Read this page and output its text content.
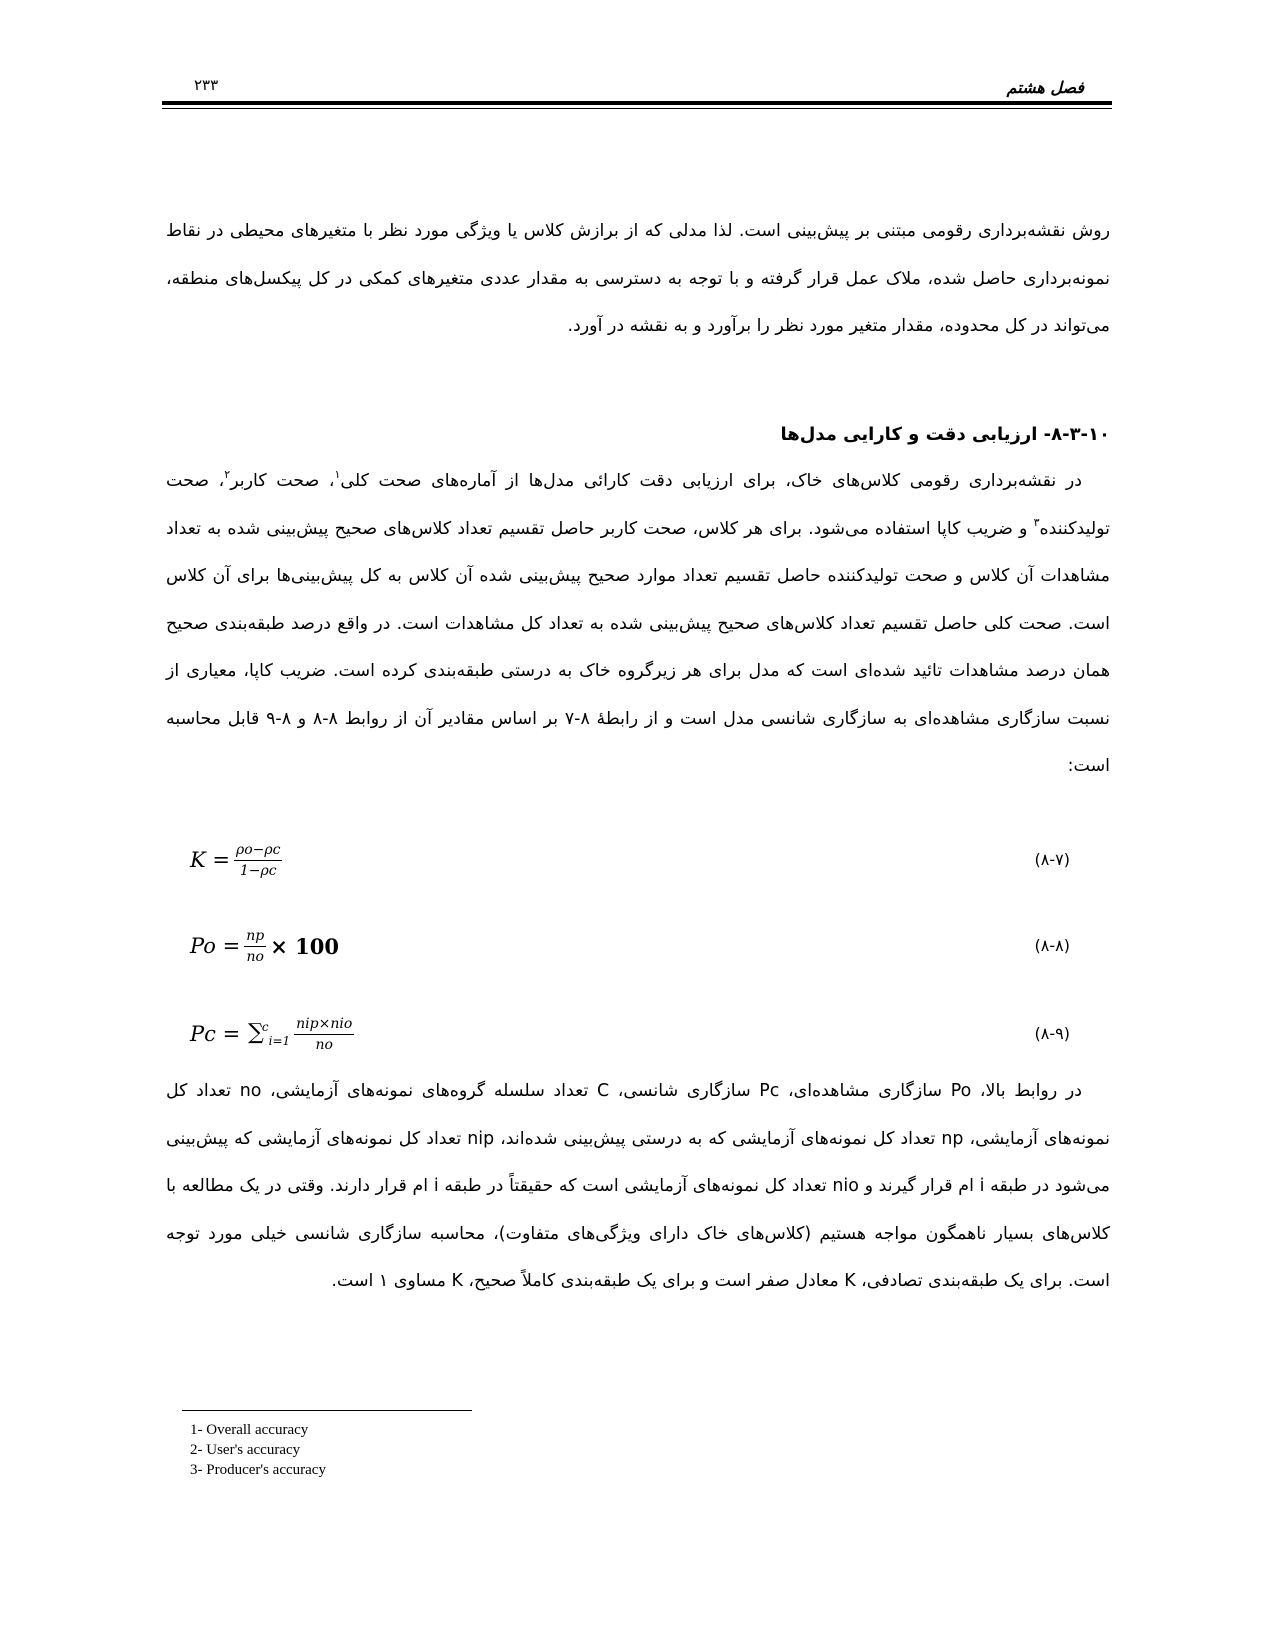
۲۳۳	فصل هشتم
روش نقشه‌برداری رقومی مبتنی بر پیش‌بینی است. لذا مدلی که از برازش کلاس یا ویژگی مورد نظر با متغیرهای محیطی در نقاط نمونه‌برداری حاصل شده، ملاک عمل قرار گرفته و با توجه به دسترسی به مقدار عددی متغیرهای کمکی در کل پیکسل‌های منطقه، می‌تواند در کل محدوده، مقدار متغیر مورد نظر را برآورد و به نقشه در آورد.
۸-۳-۱۰- ارزیابی دقت و کارایی مدل‌ها
در نقشه‌برداری رقومی کلاس‌های خاک، برای ارزیابی دقت کارائی مدل‌ها از آماره‌های صحت کلی$^۱$، صحت کاربر$^۲$، صحت تولیدکننده$^۳$ و ضریب کاپا استفاده می‌شود. برای هر کلاس، صحت کاربر حاصل تقسیم تعداد کلاس‌های صحیح پیش‌بینی شده به تعداد مشاهدات آن کلاس و صحت تولیدکننده حاصل تقسیم تعداد موارد صحیح پیش‌بینی شده آن کلاس به کل پیش‌بینی‌ها برای آن کلاس است. صحت کلی حاصل تقسیم تعداد کلاس‌های صحیح پیش‌بینی شده به تعداد کل مشاهدات است. در واقع درصد طبقه‌بندی صحیح همان درصد مشاهدات تائید شده‌ای است که مدل برای هر زیرگروه خاک به درستی طبقه‌بندی کرده است. ضریب کاپا، معیاری از نسبت سازگاری مشاهده‌ای به سازگاری شانسی مدل است و از رابطهٔ ۸-۷ بر اساس مقادیر آن از روابط ۸-۸ و ۸-۹ قابل محاسبه است:
$K = \frac{\rho o-\rho c}{1-\rho c}$	(۸-۷)
$Po = \frac{np}{no} \times 100$	(۸-۸)
$Pc = \sum^c_{i=1} \frac{\text{nip×nio}}{no}$	(۸-۹)
در روابط بالا، Po سازگاری مشاهده‌ای، Pc سازگاری شانسی، C تعداد سلسله گروه‌های نمونه‌های آزمایشی، no تعداد کل نمونه‌های آزمایشی، np تعداد کل نمونه‌های آزمایشی که به درستی پیش‌بینی شده‌اند، nip تعداد کل نمونه‌های آزمایشی که پیش‌بینی می‌شود در طبقه i ام قرار گیرند و nio تعداد کل نمونه‌های آزمایشی است که حقیقتاً در طبقه i ام قرار دارند. وقتی در یک مطالعه با کلاس‌های بسیار ناهمگون مواجه هستیم (کلاس‌های خاک دارای ویژگی‌های متفاوت)، محاسبه سازگاری شانسی خیلی مورد توجه است. برای یک طبقه‌بندی تصادفی، K معادل صفر است و برای یک طبقه‌بندی کاملاً صحیح، K مساوی ۱ است.
1- Overall accuracy
2- User's accuracy
3- Producer's accuracy
